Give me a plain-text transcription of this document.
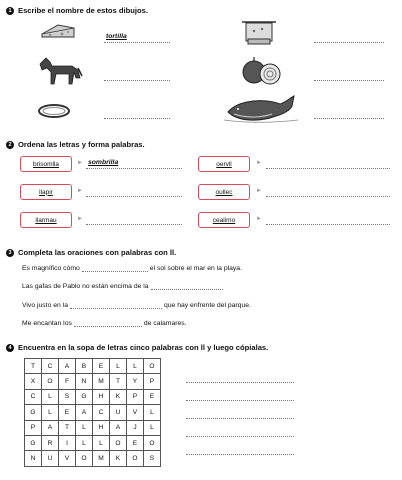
1 Escribe el nombre de estos dibujos.
tortilla
2 Ordena las letras y forma palabras.
brisomlla	► sombrilla	oervll	►
llapir	►	oullec	►
llarmau	►	cealimo	►
3 Completa las oraciones con palabras con ll.
Es magnífico cómo	el sol sobre el mar en la playa.
Las gafas de Pablo no están encima de la
Vivo justo en la	que hay enfrente del parque.
Me encantan los	de calamares.
4 Encuentra en la sopa de letras cinco palabras con ll y luego cópialas.
T	C	A	B	E	L	L	O
X	O	F	N	M	T	Y	P
C	L	S	G	H	K	P	E
G	L	E	A	C	U	V	L
P	A	T	L	H	A	J	L
G	R	I	L	L	O	E	O
N	U	V	O	M	K	O	S
